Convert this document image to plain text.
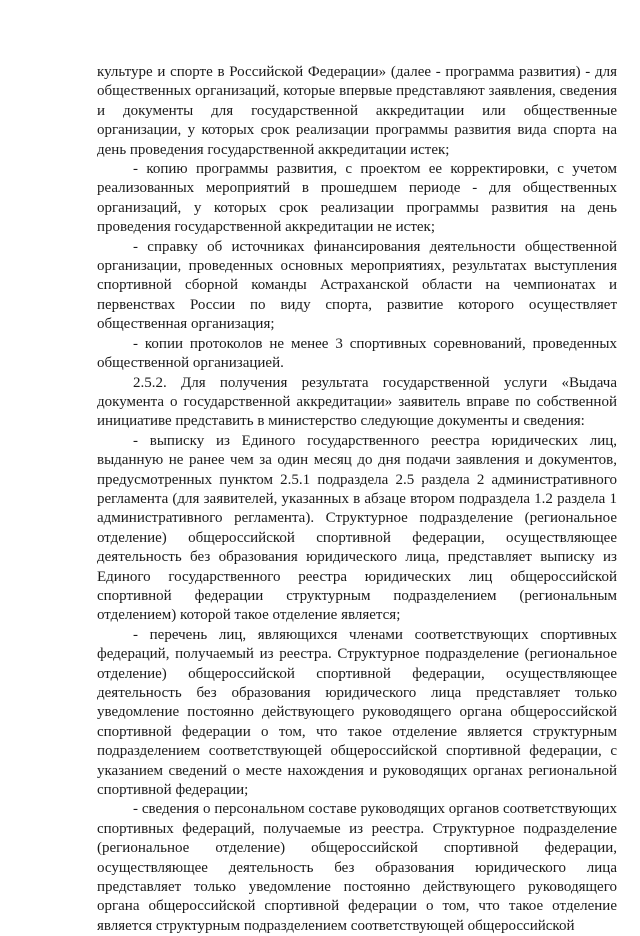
культуре и спорте в Российской Федерации» (далее - программа развития) - для общественных организаций, которые впервые представляют заявления, сведения и документы для государственной аккредитации или общественные организации, у которых срок реализации программы развития вида спорта на день проведения государственной аккредитации истек;

- копию программы развития, с проектом ее корректировки, с учетом реализованных мероприятий в прошедшем периоде - для общественных организаций, у которых срок реализации программы развития на день проведения государственной аккредитации не истек;

- справку об источниках финансирования деятельности общественной организации, проведенных основных мероприятиях, результатах выступления спортивной сборной команды Астраханской области на чемпионатах и первенствах России по виду спорта, развитие которого осуществляет общественная организация;

- копии протоколов не менее 3 спортивных соревнований, проведенных общественной организацией.

2.5.2. Для получения результата государственной услуги «Выдача документа о государственной аккредитации» заявитель вправе по собственной инициативе представить в министерство следующие документы и сведения:

- выписку из Единого государственного реестра юридических лиц, выданную не ранее чем за один месяц до дня подачи заявления и документов, предусмотренных пунктом 2.5.1 подраздела 2.5 раздела 2 административного регламента (для заявителей, указанных в абзаце втором подраздела 1.2 раздела 1 административного регламента). Структурное подразделение (региональное отделение) общероссийской спортивной федерации, осуществляющее деятельность без образования юридического лица, представляет выписку из Единого государственного реестра юридических лиц общероссийской спортивной федерации структурным подразделением (региональным отделением) которой такое отделение является;

- перечень лиц, являющихся членами соответствующих спортивных федераций, получаемый из реестра. Структурное подразделение (региональное отделение) общероссийской спортивной федерации, осуществляющее деятельность без образования юридического лица представляет только уведомление постоянно действующего руководящего органа общероссийской спортивной федерации о том, что такое отделение является структурным подразделением соответствующей общероссийской спортивной федерации, с указанием сведений о месте нахождения и руководящих органах региональной спортивной федерации;

- сведения о персональном составе руководящих органов соответствующих спортивных федераций, получаемые из реестра. Структурное подразделение (региональное отделение) общероссийской спортивной федерации, осуществляющее деятельность без образования юридического лица представляет только уведомление постоянно действующего руководящего органа общероссийской спортивной федерации о том, что такое отделение является структурным подразделением соответствующей общероссийской
